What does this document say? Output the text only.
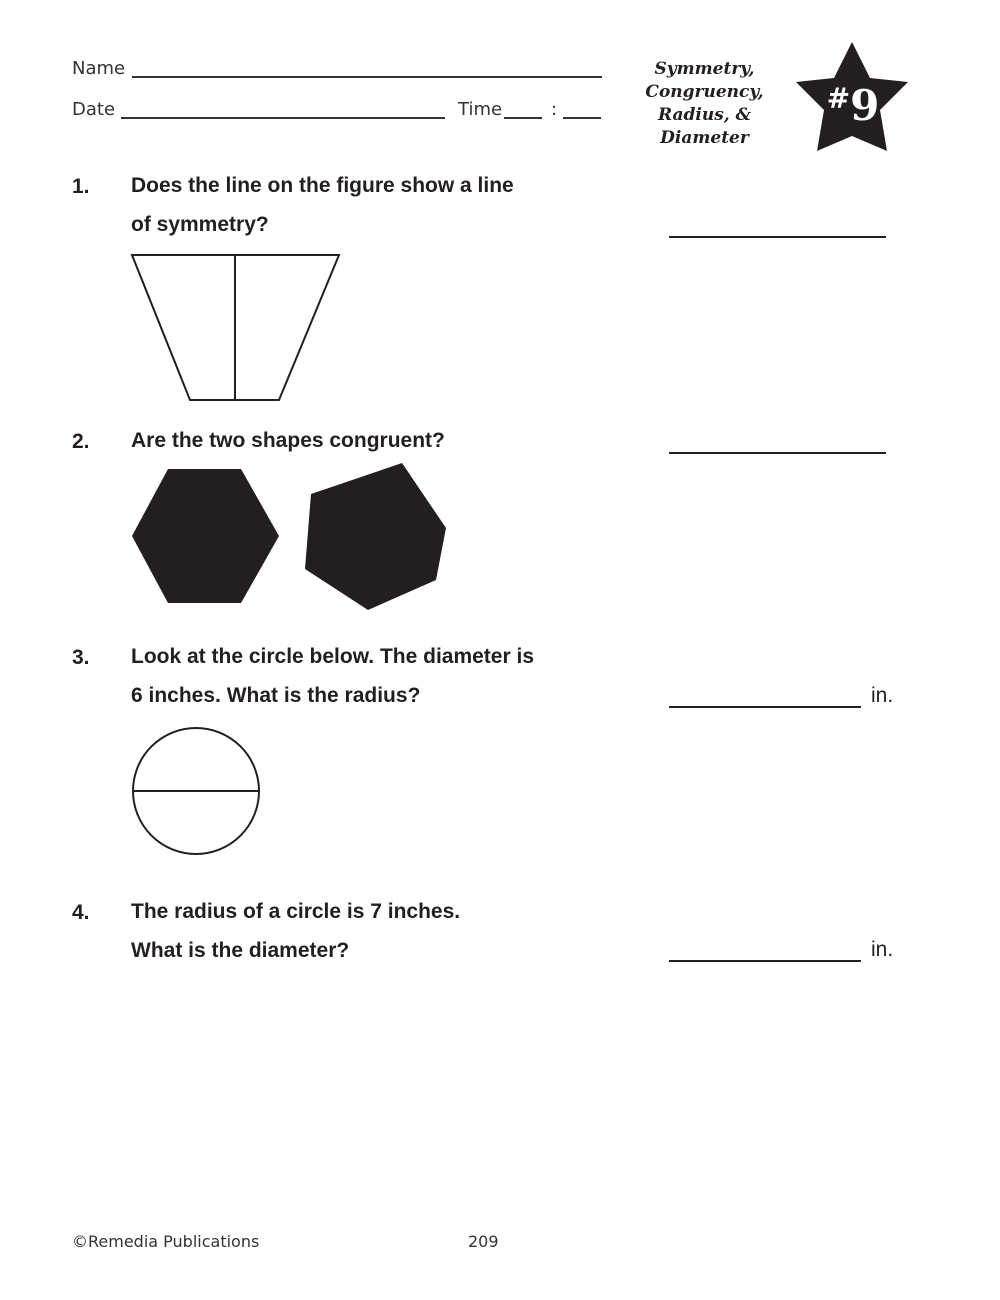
Name
Date	Time	:
Symmetry,
Congruency,
Radius, & Diameter
#9
1. Does the line on the figure show a line
of symmetry?
2. Are the two shapes congruent?
3. Look at the circle below. The diameter is
6 inches. What is the radius?	in.
4. The radius of a circle is 7 inches.
What is the diameter?	in.
©Remedia Publications	209
